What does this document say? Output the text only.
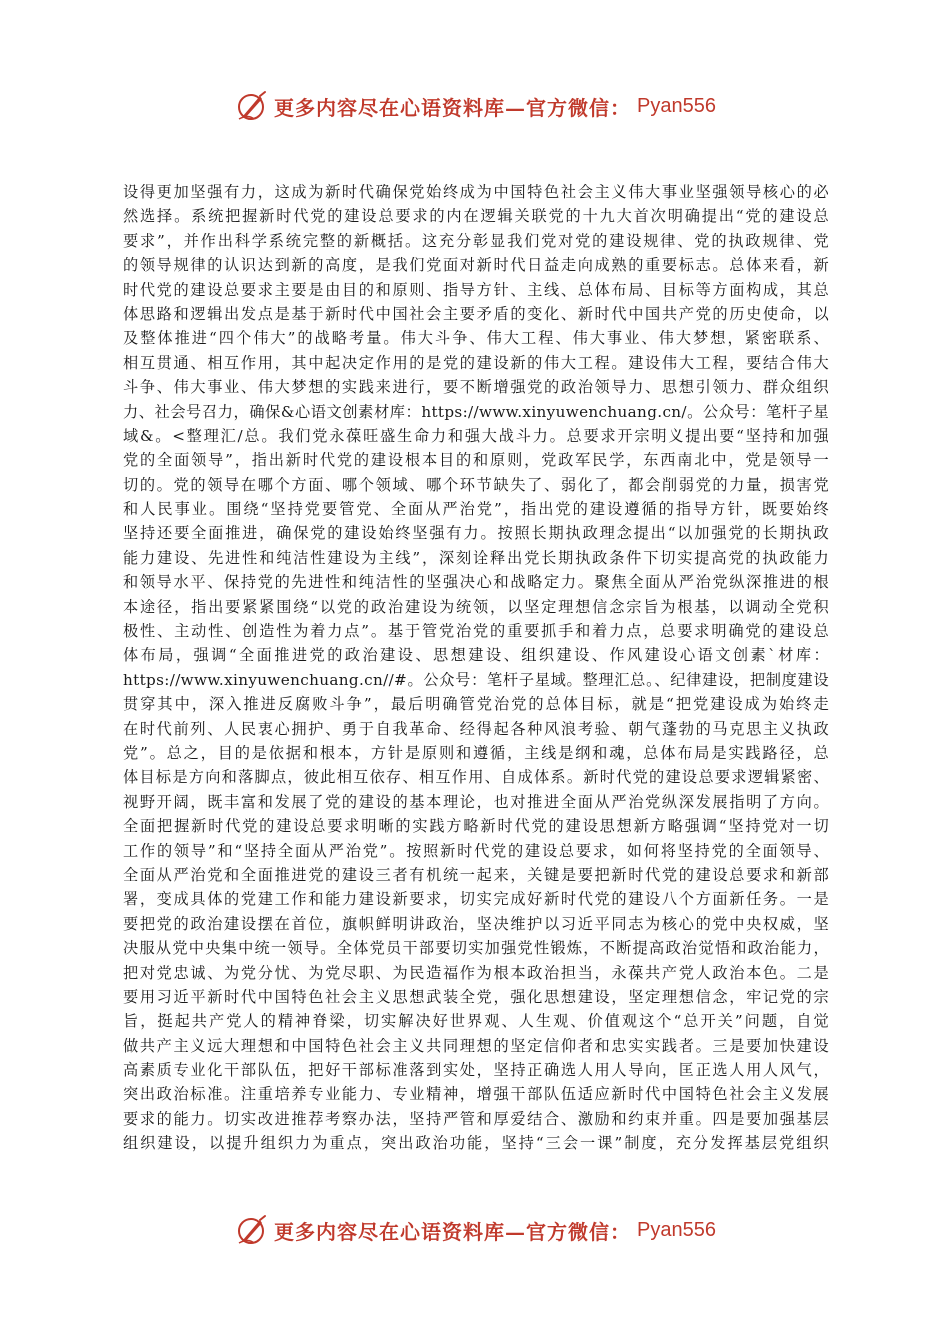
更多内容尽在心语资料库—官方微信： Pyan556
设得更加坚强有力，这成为新时代确保党始终成为中国特色社会主义伟大事业坚强领导核心的必
然选择。系统把握新时代党的建设总要求的内在逻辑关联党的十九大首次明确提出“党的建设总
要求”，并作出科学系统完整的新概括。这充分彰显我们党对党的建设规律、党的执政规律、党
的领导规律的认识达到新的高度，是我们党面对新时代日益走向成熟的重要标志。总体来看，新
时代党的建设总要求主要是由目的和原则、指导方针、主线、总体布局、目标等方面构成，其总
体思路和逻辑出发点是基于新时代中国社会主要矛盾的变化、新时代中国共产党的历史使命，以
及整体推进“四个伟大”的战略考量。伟大斗争、伟大工程、伟大事业、伟大梦想，紧密联系、
相互贯通、相互作用，其中起决定作用的是党的建设新的伟大工程。建设伟大工程，要结合伟大
斗争、伟大事业、伟大梦想的实践来进行，要不断增强党的政治领导力、思想引领力、群众组织
力、社会号召力，确保&心语文创素材库：https://www.xinyuwenchuang.cn/。公众号：笔杆子星
域&。<整理汇/总。我们党永葆旺盛生命力和强大战斗力。总要求开宗明义提出要“坚持和加强
党的全面领导”，指出新时代党的建设根本目的和原则，党政军民学，东西南北中，党是领导一
切的。党的领导在哪个方面、哪个领域、哪个环节缺失了、弱化了，都会削弱党的力量，损害党
和人民事业。围绕“坚持党要管党、全面从严治党”，指出党的建设遵循的指导方针，既要始终
坚持还要全面推进，确保党的建设始终坚强有力。按照长期执政理念提出“以加强党的长期执政
能力建设、先进性和纯洁性建设为主线”，深刻诠释出党长期执政条件下切实提高党的执政能力
和领导水平、保持党的先进性和纯洁性的坚强决心和战略定力。聚焦全面从严治党纵深推进的根
本途径，指出要紧紧围绕“以党的政治建设为统领，以坚定理想信念宗旨为根基，以调动全党积
极性、主动性、创造性为着力点”。基于管党治党的重要抓手和着力点，总要求明确党的建设总
体布局，强调“全面推进党的政治建设、思想建设、组织建设、作风建设心语文创素`材库：
https://www.xinyuwenchuang.cn//#。公众号：笔杆子星域。整理汇总。、纪律建设，把制度建设
贯穿其中，深入推进反腐败斗争”，最后明确管党治党的总体目标，就是“把党建设成为始终走
在时代前列、人民衷心拥护、勇于自我革命、经得起各种风浪考验、朝气蓬勃的马克思主义执政
党”。总之，目的是依据和根本，方针是原则和遵循，主线是纲和魂，总体布局是实践路径，总
体目标是方向和落脚点，彼此相互依存、相互作用、自成体系。新时代党的建设总要求逻辑紧密、
视野开阔，既丰富和发展了党的建设的基本理论，也对推进全面从严治党纵深发展指明了方向。
全面把握新时代党的建设总要求明晰的实践方略新时代党的建设思想新方略强调“坚持党对一切
工作的领导”和“坚持全面从严治党”。按照新时代党的建设总要求，如何将坚持党的全面领导、
全面从严治党和全面推进党的建设三者有机统一起来，关键是要把新时代党的建设总要求和新部
署，变成具体的党建工作和能力建设新要求，切实完成好新时代党的建设八个方面新任务。一是
要把党的政治建设摆在首位，旗帜鲜明讲政治，坚决维护以习近平同志为核心的党中央权威，坚
决服从党中央集中统一领导。全体党员干部要切实加强党性锻炼，不断提高政治觉悟和政治能力，
把对党忠诚、为党分忧、为党尽职、为民造福作为根本政治担当，永葆共产党人政治本色。二是
要用习近平新时代中国特色社会主义思想武装全党，强化思想建设，坚定理想信念，牢记党的宗
旨，挺起共产党人的精神脊梁，切实解决好世界观、人生观、价值观这个“总开关”问题，自觉
做共产主义远大理想和中国特色社会主义共同理想的坚定信仰者和忠实实践者。三是要加快建设
高素质专业化干部队伍，把好干部标准落到实处，坚持正确选人用人导向，匡正选人用人风气，
突出政治标准。注重培养专业能力、专业精神，增强干部队伍适应新时代中国特色社会主义发展
要求的能力。切实改进推荐考察办法，坚持严管和厚爱结合、激励和约束并重。四是要加强基层
组织建设，以提升组织力为重点，突出政治功能，坚持“三会一课”制度，充分发挥基层党组织
更多内容尽在心语资料库—官方微信： Pyan556
